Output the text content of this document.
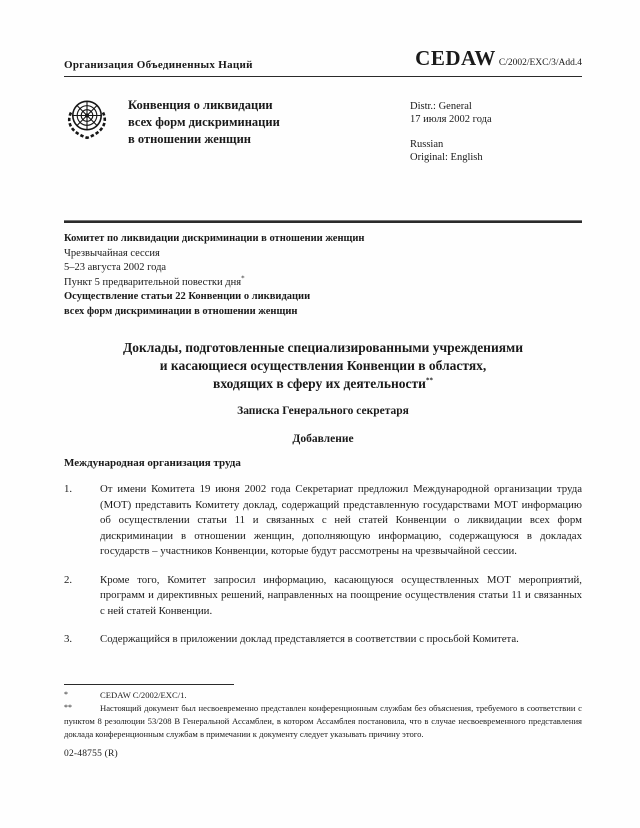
Организация Объединенных Наций	CEDAW C/2002/EXC/3/Add.4
Конвенция о ликвидации
всех форм дискриминации
в отношении женщин
Distr.: General
17 июля 2002 года
Russian
Original: English
Комитет по ликвидации дискриминации в отношении женщин
Чрезвычайная сессия
5–23 августа 2002 года
Пункт 5 предварительной повестки дня*
Осуществление статьи 22 Конвенции о ликвидации
всех форм дискриминации в отношении женщин
Доклады, подготовленные специализированными учреждениями
и касающиеся осуществления Конвенции в областях,
входящих в сферу их деятельности**
Записка Генерального секретаря
Добавление
Международная организация труда
1.	От имени Комитета 19 июня 2002 года Секретариат предложил Международной организации труда (МОТ) представить Комитету доклад, содержащий представленную государствами МОТ информацию об осуществлении статьи 11 и связанных с ней статей Конвенции о ликвидации всех форм дискриминации в отношении женщин, дополняющую информацию, содержащуюся в докладах государств – участников Конвенции, которые будут рассмотрены на чрезвычайной сессии.
2.	Кроме того, Комитет запросил информацию, касающуюся осуществленных МОТ мероприятий, программ и директивных решений, направленных на поощрение осуществления статьи 11 и связанных с ней статей Конвенции.
3.	Содержащийся в приложении доклад представляется в соответствии с просьбой Комитета.
*	CEDAW C/2002/EXC/1.
**	Настоящий документ был несвоевременно представлен конференционным службам без объяснения, требуемого в соответствии с пунктом 8 резолюции 53/208 В Генеральной Ассамблеи, в котором Ассамблея постановила, что в случае несвоевременного представления доклада конференционным службам в примечании к документу следует указывать причину этого.
02-48755 (R)
